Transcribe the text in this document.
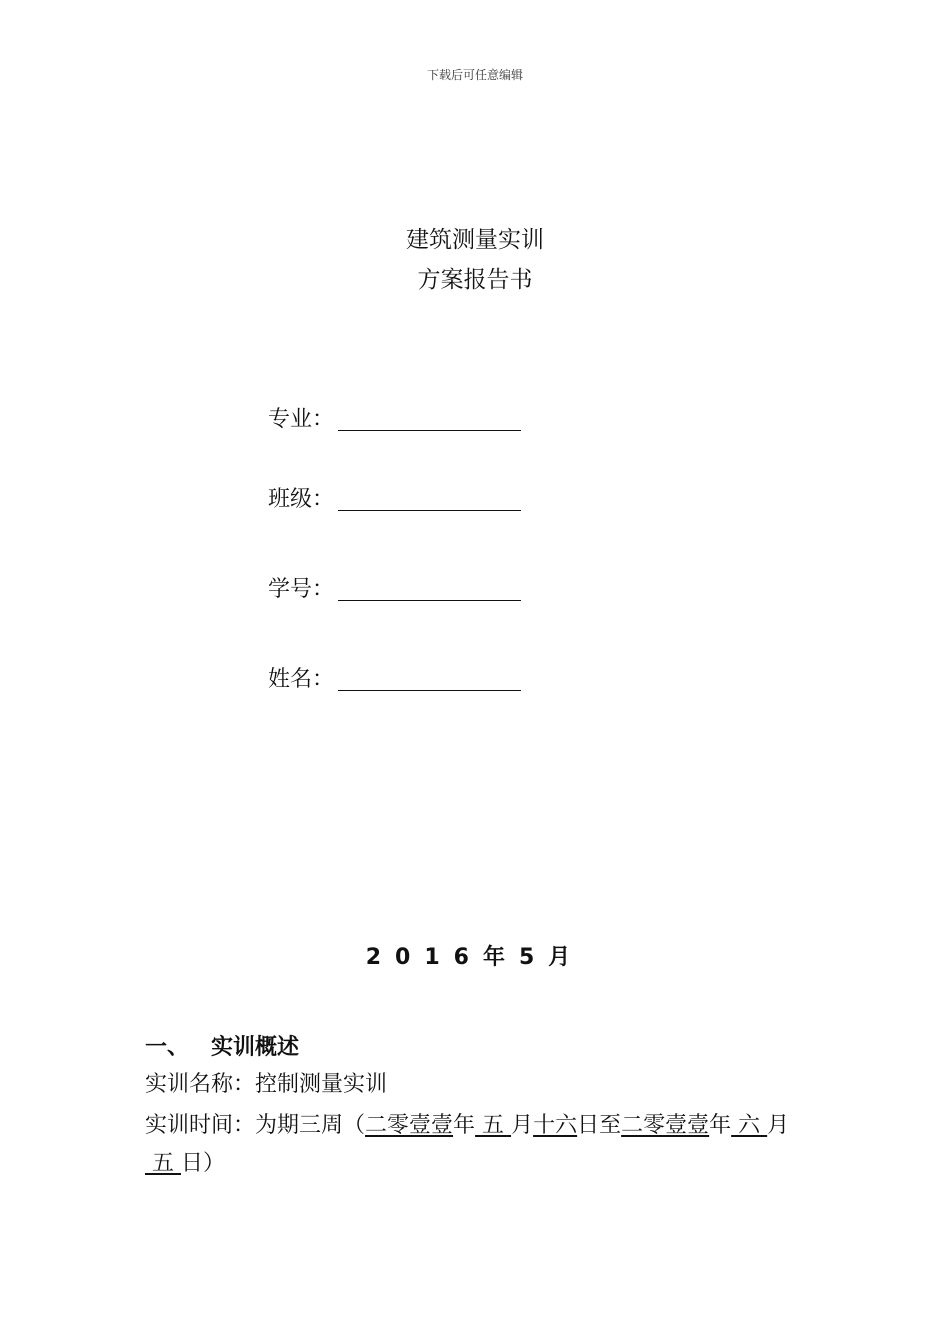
下载后可任意编辑
建筑测量实训
方案报告书
专业：
班级：
学号：
姓名：
2016年5月
一、 实训概述
实训名称：控制测量实训
实训时间：为期三周（二零壹壹年 五 月十六日至二零壹壹年 六 月 五 日）
